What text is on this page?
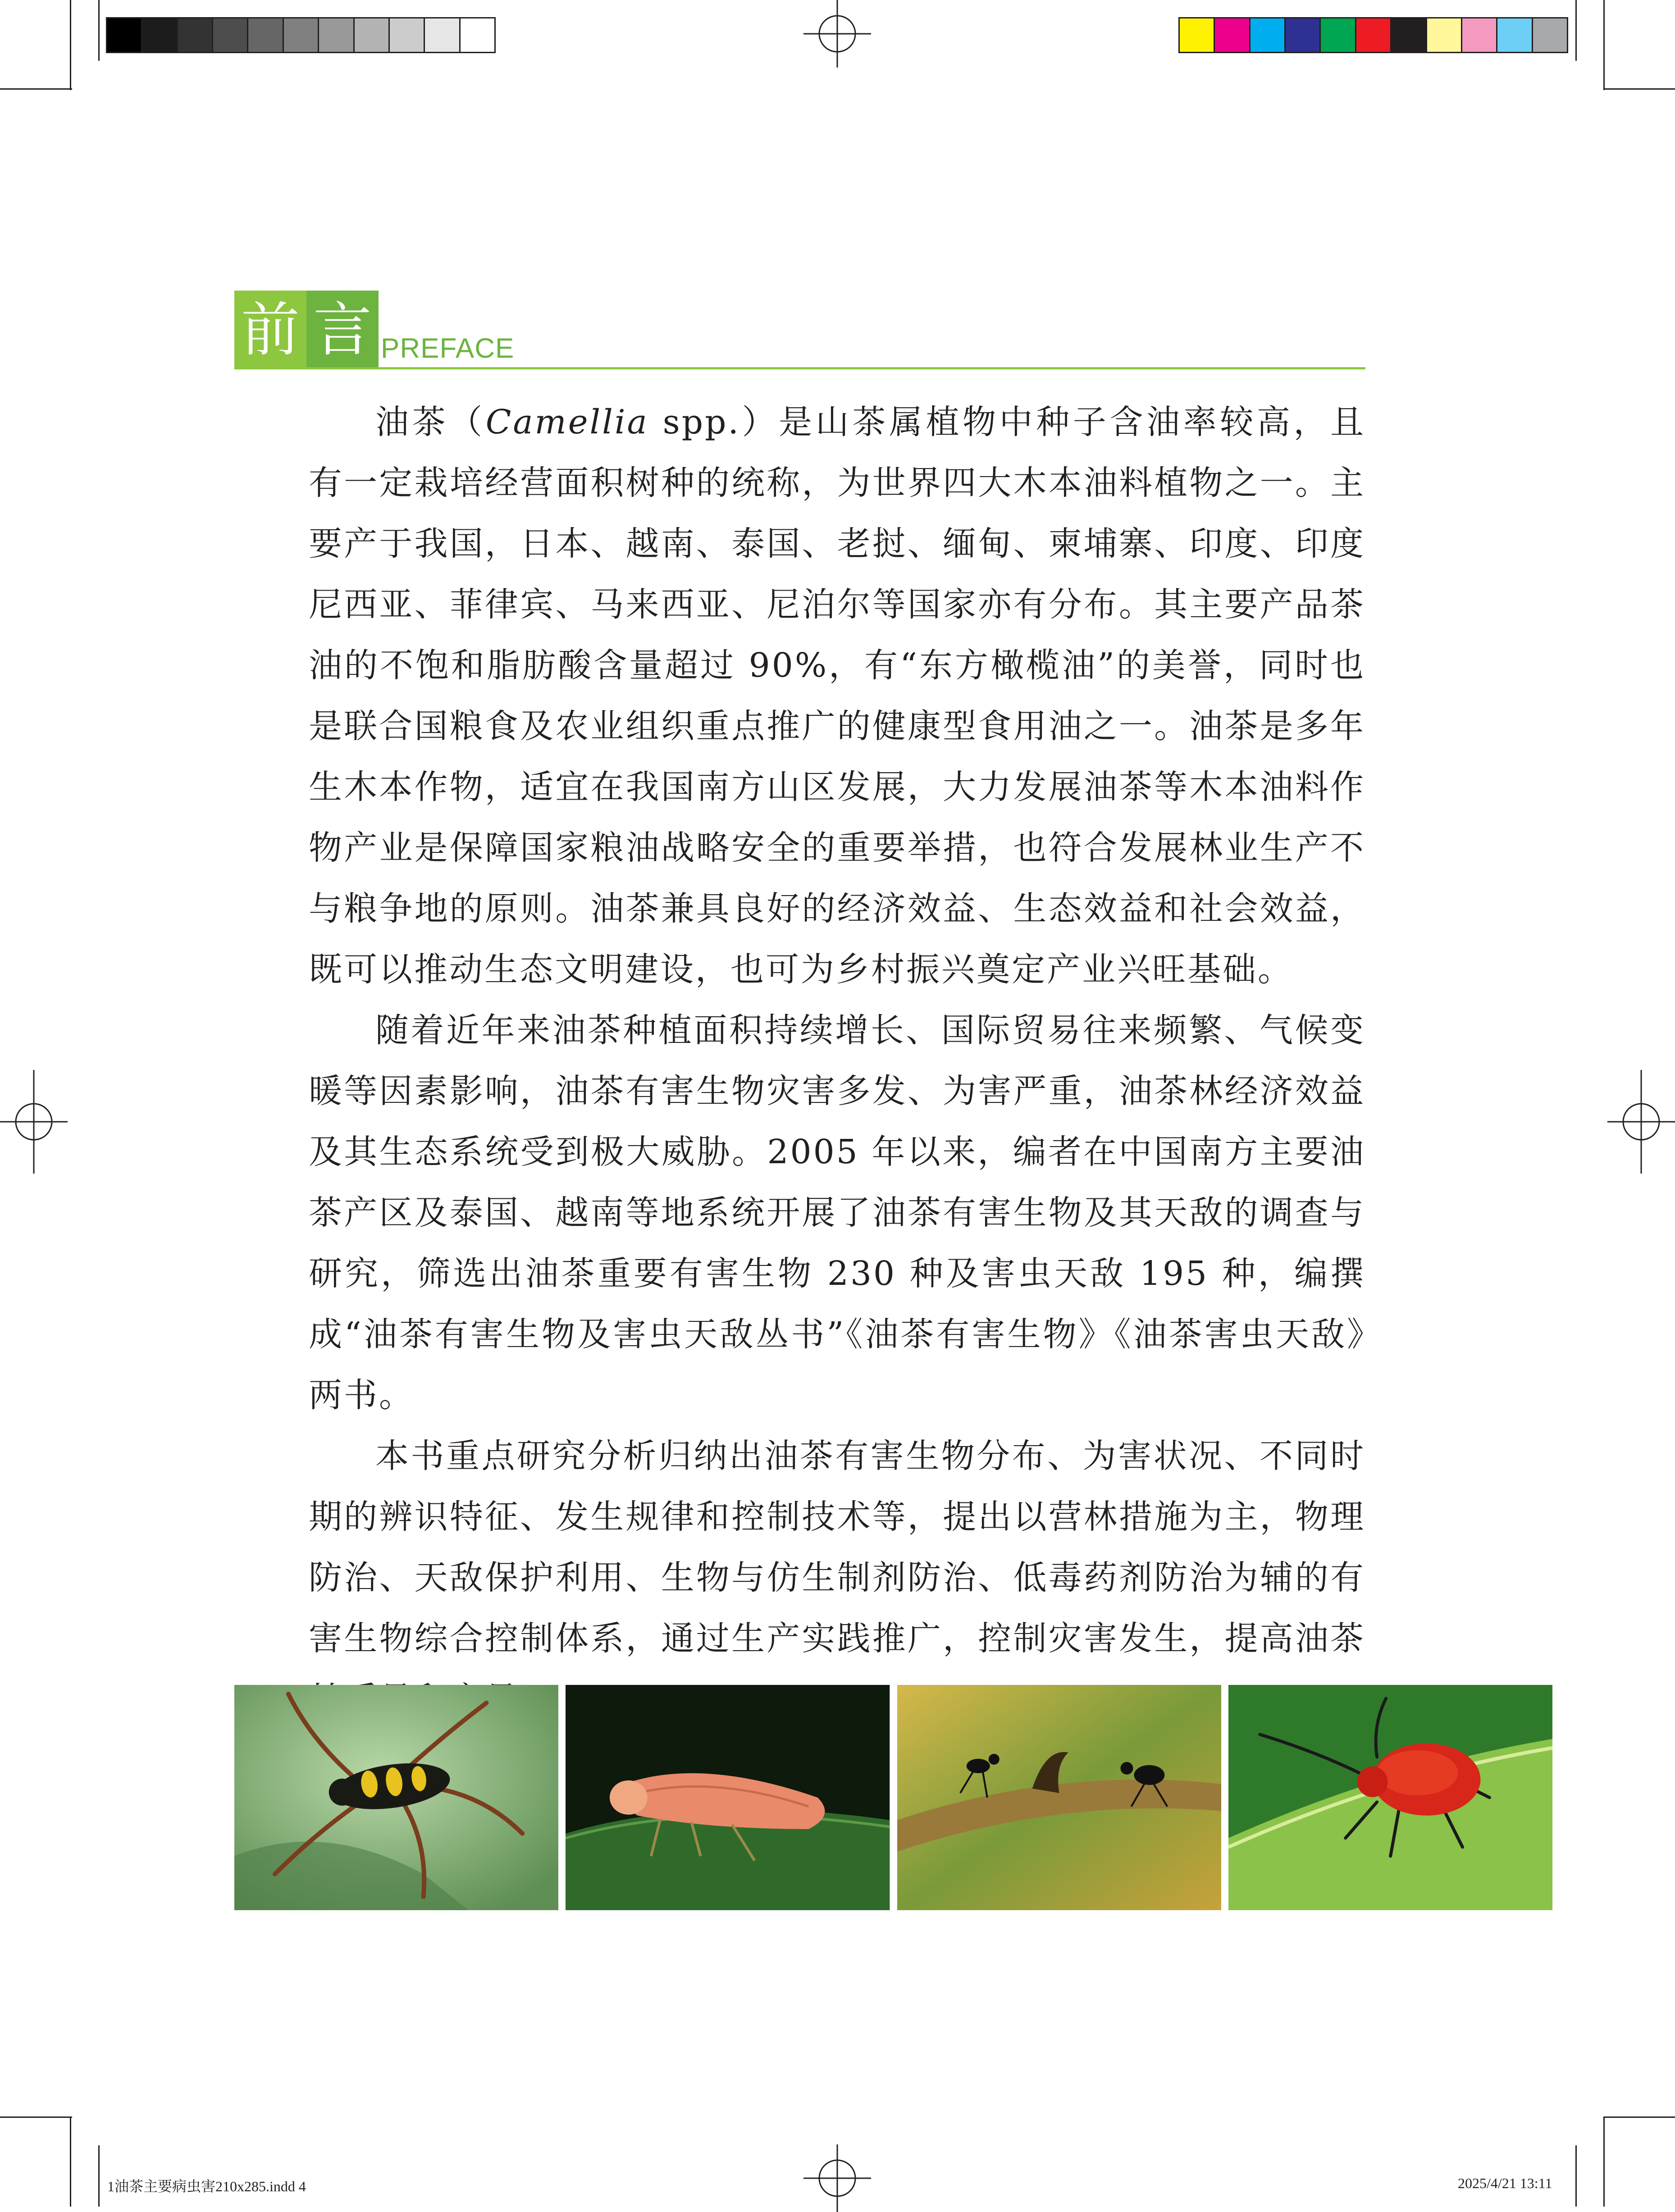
前 言 PREFACE

油茶（Camellia spp.）是山茶属植物中种子含油率较高，且有一定栽培经营面积树种的统称，为世界四大木本油料植物之一。主要产于我国，日本、越南、泰国、老挝、缅甸、柬埔寨、印度、印度尼西亚、菲律宾、马来西亚、尼泊尔等国家亦有分布。其主要产品茶油的不饱和脂肪酸含量超过 90%，有“东方橄榄油”的美誉，同时也是联合国粮食及农业组织重点推广的健康型食用油之一。油茶是多年生木本作物，适宜在我国南方山区发展，大力发展油茶等木本油料作物产业是保障国家粮油战略安全的重要举措，也符合发展林业生产不与粮争地的原则。油茶兼具良好的经济效益、生态效益和社会效益，既可以推动生态文明建设，也可为乡村振兴奠定产业兴旺基础。

随着近年来油茶种植面积持续增长、国际贸易往来频繁、气候变暖等因素影响，油茶有害生物灾害多发、为害严重，油茶林经济效益及其生态系统受到极大威胁。2005 年以来，编者在中国南方主要油茶产区及泰国、越南等地系统开展了油茶有害生物及其天敌的调查与研究，筛选出油茶重要有害生物 230 种及害虫天敌 195 种，编撰成“油茶有害生物及害虫天敌丛书”《油茶有害生物》《油茶害虫天敌》两书。

本书重点研究分析归纳出油茶有害生物分布、为害状况、不同时期的辨识特征、发生规律和控制技术等，提出以营林措施为主，物理防治、天敌保护利用、生物与仿生制剂防治、低毒药剂防治为辅的有害生物综合控制体系，通过生产实践推广，控制灾害发生，提高油茶

1油茶主要病虫害210x285.indd 4	2025/4/21 13:11
